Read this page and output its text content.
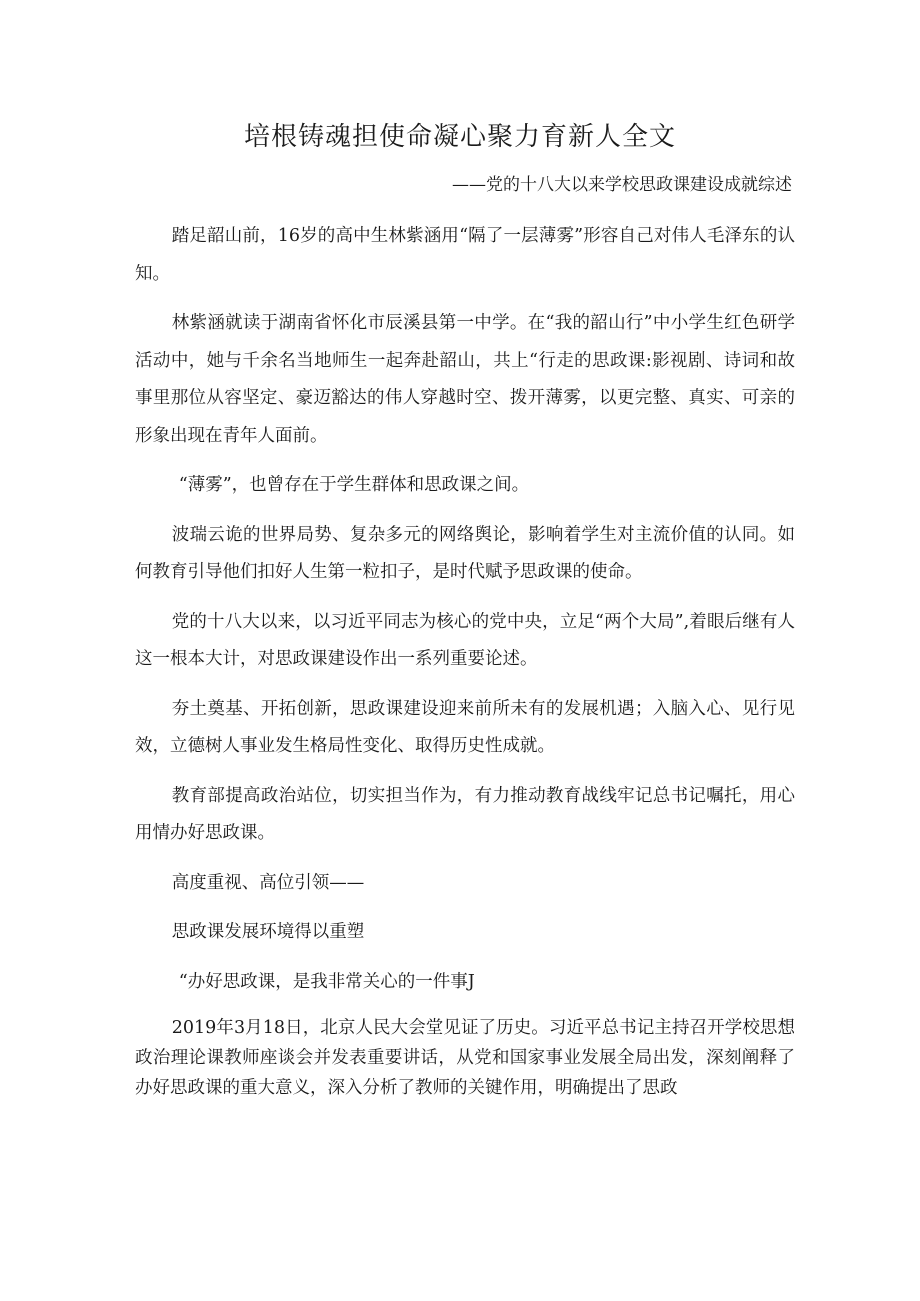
培根铸魂担使命凝心聚力育新人全文
——党的十八大以来学校思政课建设成就综述

踏足韶山前，16岁的高中生林紫涵用“隔了一层薄雾”形容自己对伟人毛泽东的认知。

林紫涵就读于湖南省怀化市辰溪县第一中学。在“我的韶山行”中小学生红色研学活动中，她与千余名当地师生一起奔赴韶山，共上“行走的思政课:影视剧、诗词和故事里那位从容坚定、豪迈豁达的伟人穿越时空、拨开薄雾，以更完整、真实、可亲的形象出现在青年人面前。

“薄雾”，也曾存在于学生群体和思政课之间。

波瑞云诡的世界局势、复杂多元的网络舆论，影响着学生对主流价值的认同。如何教育引导他们扣好人生第一粒扣子，是时代赋予思政课的使命。

党的十八大以来，以习近平同志为核心的党中央，立足“两个大局”,着眼后继有人这一根本大计，对思政课建设作出一系列重要论述。

夯土奠基、开拓创新，思政课建设迎来前所未有的发展机遇；入脑入心、见行见效，立德树人事业发生格局性变化、取得历史性成就。

教育部提高政治站位，切实担当作为，有力推动教育战线牢记总书记嘱托，用心用情办好思政课。

高度重视、高位引领——

思政课发展环境得以重塑

“办好思政课，是我非常关心的一件事J

2019年3月18日，北京人民大会堂见证了历史。习近平总书记主持召开学校思想政治理论课教师座谈会并发表重要讲话，从党和国家事业发展全局出发，深刻阐释了办好思政课的重大意义，深入分析了教师的关键作用，明确提出了思政
